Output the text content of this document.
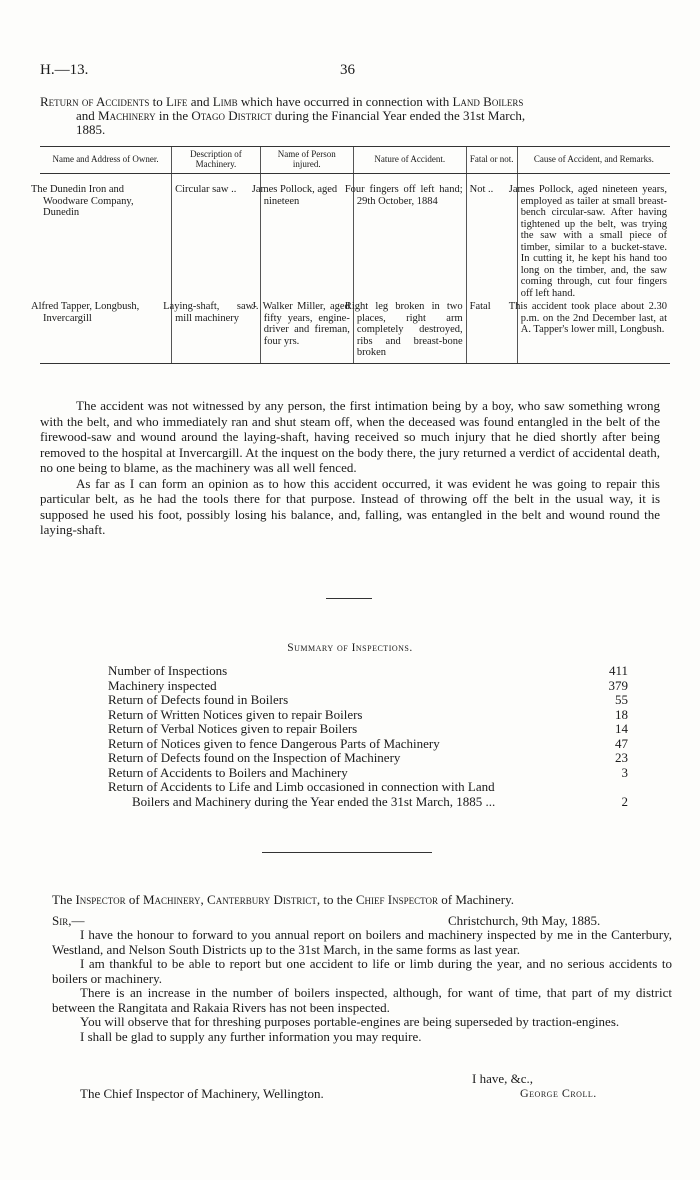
H.—13.	36
Return of Accidents to Life and Limb which have occurred in connection with Land Boilers
and Machinery in the Otago District during the Financial Year ended the 31st March,
1885.
Name and Address of Owner.	Description of Machinery.	Name of Person injured.	Nature of Accident.	Fatal or not.	Cause of Accident, and Remarks.

The Dunedin Iron and Woodware Company, Dunedin	Circular saw ..	James Pollock, aged nineteen	Four fingers off left hand; 29th October, 1884	Not ..	James Pollock, aged nineteen years, employed as tailer at small breast-bench circular-saw. After having tightened up the belt, was trying the saw with a small piece of timber, similar to a bucket-stave. In cutting it, he kept his hand too long on the timber, and, the saw coming through, cut four fingers off left hand.
Alfred Tapper, Longbush, Invercargill	Laying-shaft, saw-mill machinery	J. Walker Miller, aged fifty years, engine-driver and fireman, four yrs.	Right leg broken in two places, right arm completely destroyed, ribs and breast-bone broken	Fatal	This accident took place about 2.30 p.m. on the 2nd December last, at A. Tapper's lower mill, Longbush.

The accident was not witnessed by any person, the first intimation being by a boy, who saw something wrong with the belt, and who immediately ran and shut steam off, when the deceased was found entangled in the belt of the firewood-saw and wound around the laying-shaft, having received so much injury that he died shortly after being removed to the hospital at Invercargill. At the inquest on the body there, the jury returned a verdict of accidental death, no one being to blame, as the machinery was all well fenced.

As far as I can form an opinion as to how this accident occurred, it was evident he was going to repair this particular belt, as he had the tools there for that purpose. Instead of throwing off the belt in the usual way, it is supposed he used his foot, possibly losing his balance, and, falling, was entangled in the belt and wound round the laying-shaft.

Summary of Inspections.
Number of Inspections	411
Machinery inspected	379
Return of Defects found in Boilers	55
Return of Written Notices given to repair Boilers	18
Return of Verbal Notices given to repair Boilers	14
Return of Notices given to fence Dangerous Parts of Machinery	47
Return of Defects found on the Inspection of Machinery	23
Return of Accidents to Boilers and Machinery	3
Return of Accidents to Life and Limb occasioned in connection with Land
Boilers and Machinery during the Year ended the 31st March, 1885 ...	2
The Inspector of Machinery, Canterbury District, to the Chief Inspector of Machinery.
Sir,—	Christchurch, 9th May, 1885.

I have the honour to forward to you annual report on boilers and machinery inspected by me in the Canterbury, Westland, and Nelson South Districts up to the 31st March, in the same forms as last year.

I am thankful to be able to report but one accident to life or limb during the year, and no serious accidents to boilers or machinery.

There is an increase in the number of boilers inspected, although, for want of time, that part of my district between the Rangitata and Rakaia Rivers has not been inspected.

You will observe that for threshing purposes portable-engines are being superseded by traction-engines.

I shall be glad to supply any further information you may require.

I have, &c.,
The Chief Inspector of Machinery, Wellington.	George Croll.
